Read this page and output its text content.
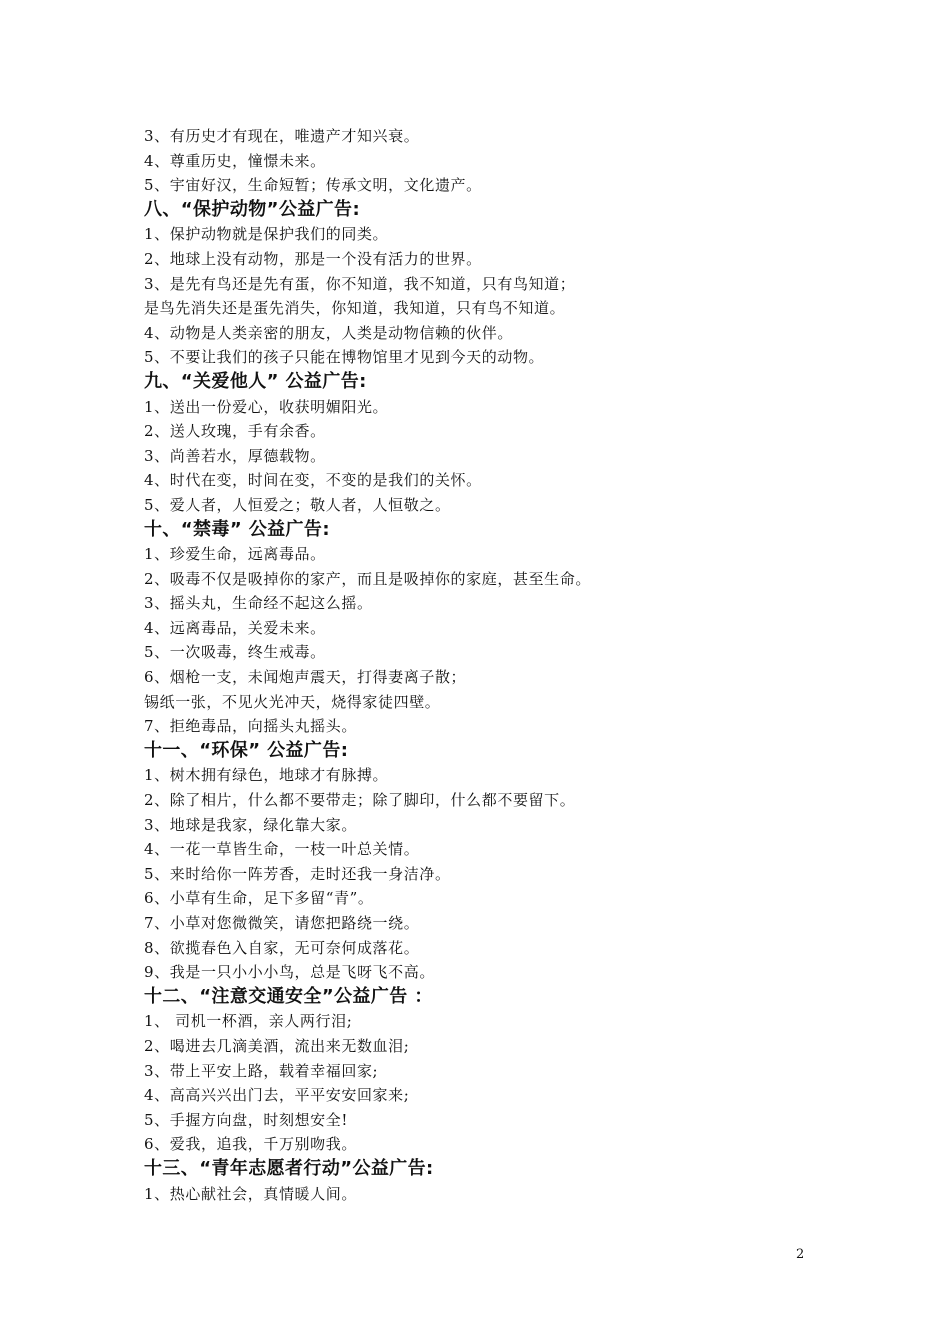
3、有历史才有现在，唯遗产才知兴衰。
4、尊重历史，憧憬未来。
5、宇宙好汉，生命短暂；传承文明，文化遗产。
八、“保护动物”公益广告:
1、保护动物就是保护我们的同类。
2、地球上没有动物，那是一个没有活力的世界。
3、是先有鸟还是先有蛋，你不知道，我不知道，只有鸟知道；
是鸟先消失还是蛋先消失，你知道，我知道，只有鸟不知道。
4、动物是人类亲密的朋友，人类是动物信赖的伙伴。
5、不要让我们的孩子只能在博物馆里才见到今天的动物。
九、“关爱他人” 公益广告:
1、送出一份爱心，收获明媚阳光。
2、送人玫瑰，手有余香。
3、尚善若水，厚德载物。
4、时代在变，时间在变，不变的是我们的关怀。
5、爱人者，人恒爱之；敬人者，人恒敬之。
十、“禁毒” 公益广告:
1、珍爱生命，远离毒品。
2、吸毒不仅是吸掉你的家产，而且是吸掉你的家庭，甚至生命。
3、摇头丸，生命经不起这么摇。
4、远离毒品，关爱未来。
5、一次吸毒，终生戒毒。
6、烟枪一支，未闻炮声震天，打得妻离子散；
锡纸一张，不见火光冲天，烧得家徒四壁。
7、拒绝毒品，向摇头丸摇头。
十一、“环保” 公益广告:
1、树木拥有绿色，地球才有脉搏。
2、除了相片，什么都不要带走；除了脚印，什么都不要留下。
3、地球是我家，绿化靠大家。
4、一花一草皆生命，一枝一叶总关情。
5、来时给你一阵芳香，走时还我一身洁净。
6、小草有生命，足下多留“青”。
7、小草对您微微笑，请您把路绕一绕。
8、欲揽春色入自家，无可奈何成落花。
9、我是一只小小小鸟，总是飞呀飞不高。
十二、“注意交通安全”公益广告 ：
1、 司机一杯酒，亲人两行泪;
2、喝进去几滴美酒，流出来无数血泪;
3、带上平安上路，载着幸福回家;
4、高高兴兴出门去，平平安安回家来;
5、手握方向盘，时刻想安全!
6、爱我，追我，千万别吻我。
十三、“青年志愿者行动”公益广告:
1、热心献社会，真情暖人间。
2
